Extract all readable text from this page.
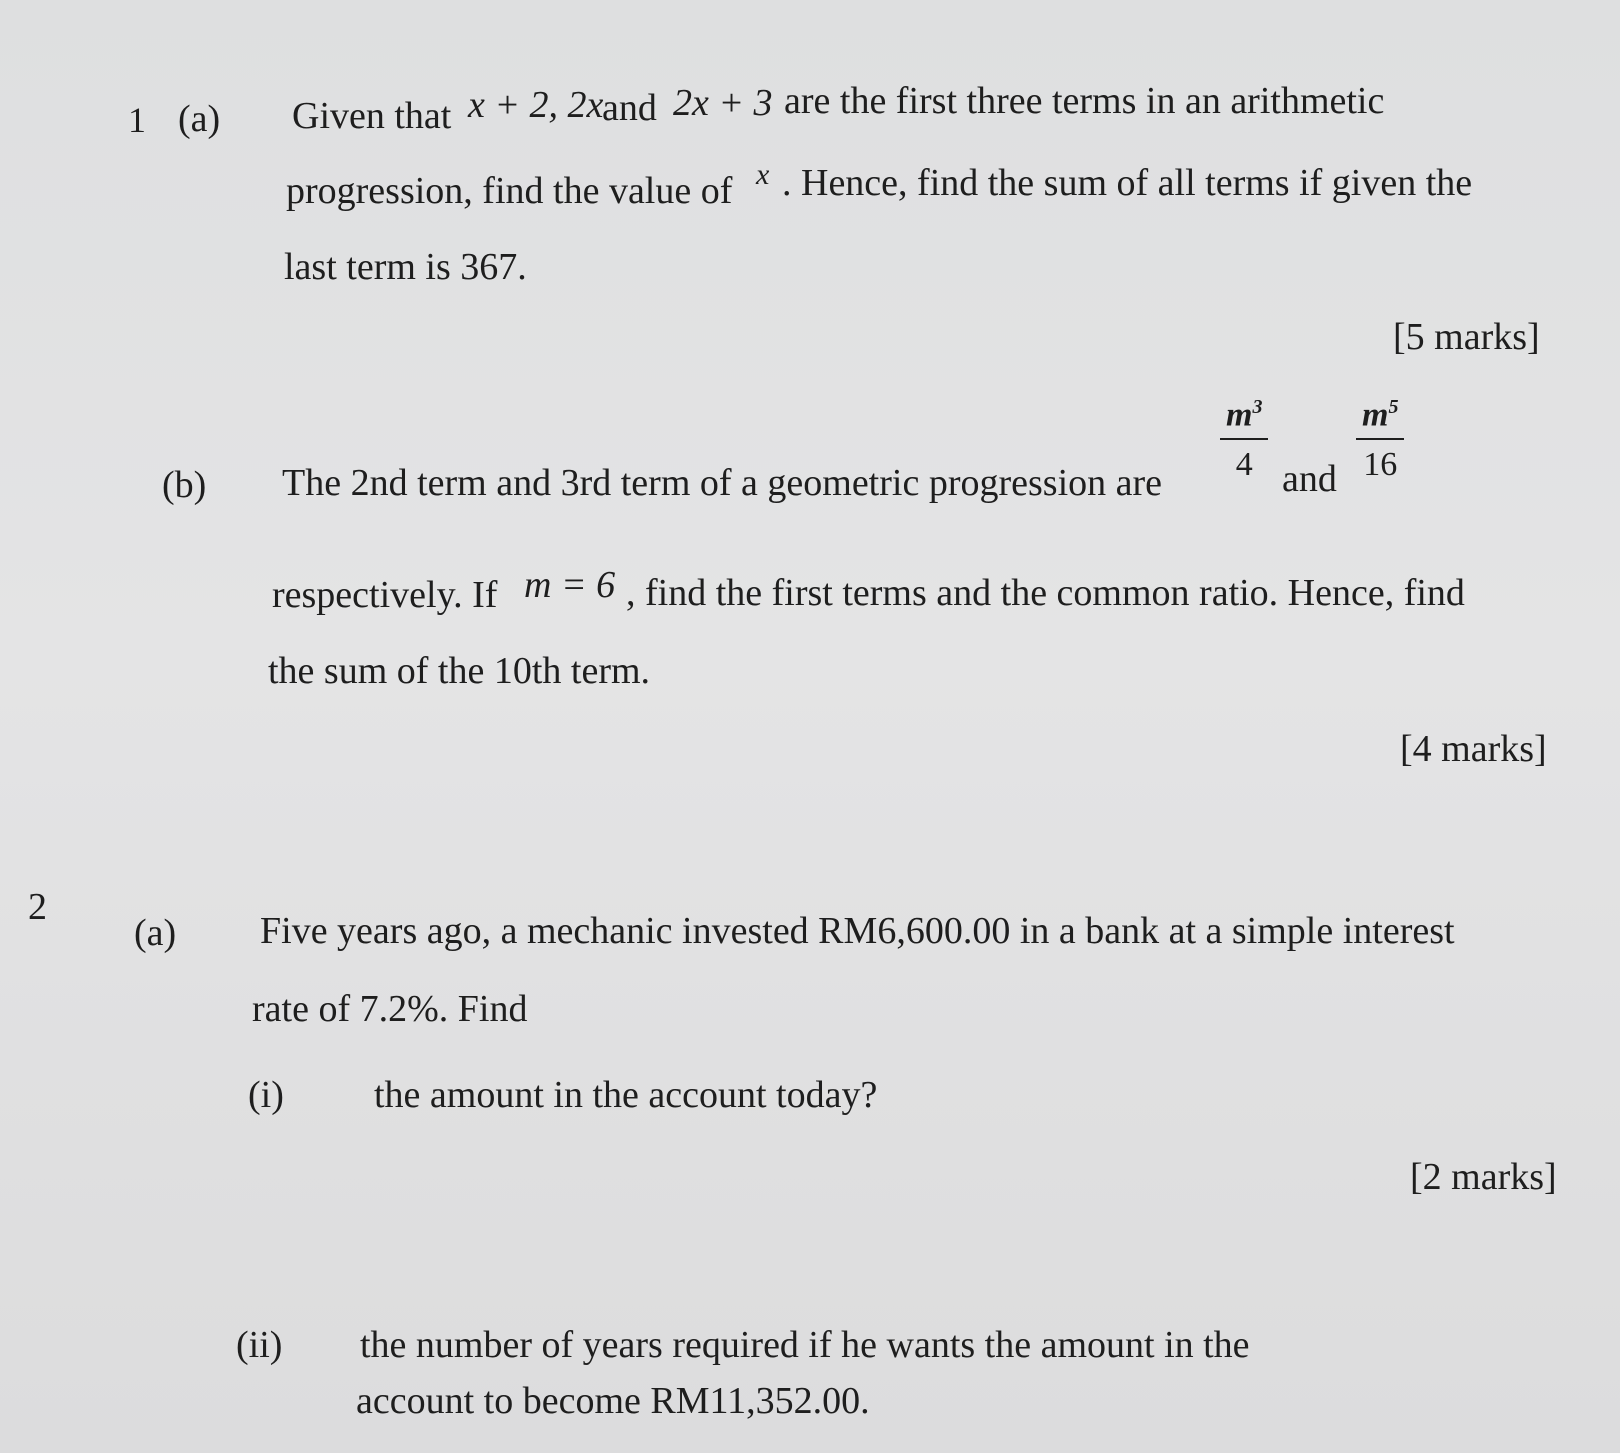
1 (a) Given that x + 2, 2x
and 2x + 3 are the first three terms in an arithmetic
progression, find the value of x . Hence, find the sum of all terms if given the
last term is 367.
[5 marks]
(b) The 2nd term and 3rd term of a geometric progression are $\frac{m^3}{4}$ and $\frac{m^5}{16}$
respectively. If m = 6 , find the first terms and the common ratio. Hence, find
the sum of the 10th term.
[4 marks]
2
(a) Five years ago, a mechanic invested RM6,600.00 in a bank at a simple interest
rate of 7.2%. Find
(i) the amount in the account today?
[2 marks]
(ii) the number of years required if he wants the amount in the
account to become RM11,352.00.
